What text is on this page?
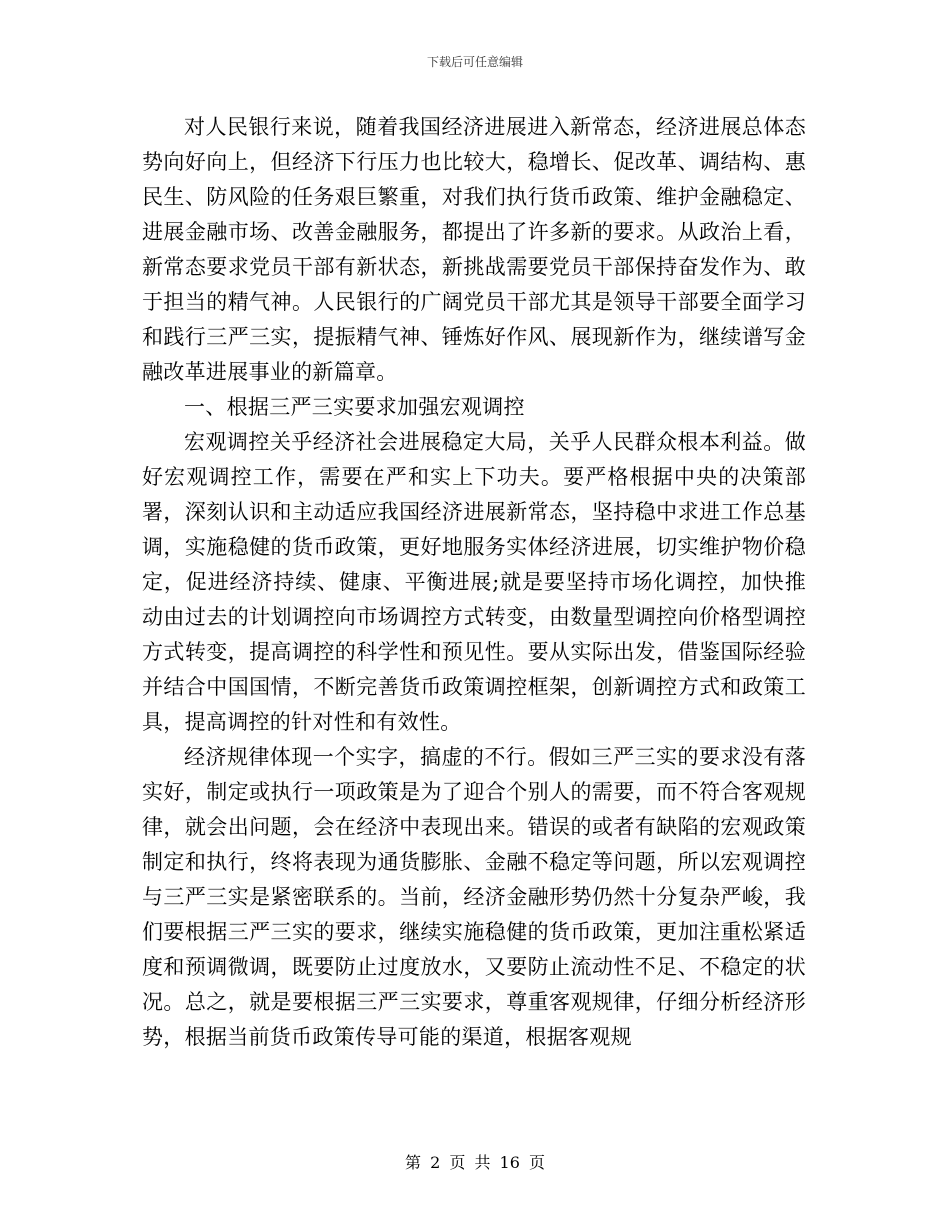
下载后可任意编辑

对人民银行来说，随着我国经济进展进入新常态，经济进展总体态势向好向上，但经济下行压力也比较大，稳增长、促改革、调结构、惠民生、防风险的任务艰巨繁重，对我们执行货币政策、维护金融稳定、进展金融市场、改善金融服务，都提出了许多新的要求。从政治上看，新常态要求党员干部有新状态，新挑战需要党员干部保持奋发作为、敢于担当的精气神。人民银行的广阔党员干部尤其是领导干部要全面学习和践行三严三实，提振精气神、锤炼好作风、展现新作为，继续谱写金融改革进展事业的新篇章。

一、根据三严三实要求加强宏观调控

宏观调控关乎经济社会进展稳定大局，关乎人民群众根本利益。做好宏观调控工作，需要在严和实上下功夫。要严格根据中央的决策部署，深刻认识和主动适应我国经济进展新常态，坚持稳中求进工作总基调，实施稳健的货币政策，更好地服务实体经济进展，切实维护物价稳定，促进经济持续、健康、平衡进展;就是要坚持市场化调控，加快推动由过去的计划调控向市场调控方式转变，由数量型调控向价格型调控方式转变，提高调控的科学性和预见性。要从实际出发，借鉴国际经验并结合中国国情，不断完善货币政策调控框架，创新调控方式和政策工具，提高调控的针对性和有效性。

经济规律体现一个实字，搞虚的不行。假如三严三实的要求没有落实好，制定或执行一项政策是为了迎合个别人的需要，而不符合客观规律，就会出问题，会在经济中表现出来。错误的或者有缺陷的宏观政策制定和执行，终将表现为通货膨胀、金融不稳定等问题，所以宏观调控与三严三实是紧密联系的。当前，经济金融形势仍然十分复杂严峻，我们要根据三严三实的要求，继续实施稳健的货币政策，更加注重松紧适度和预调微调，既要防止过度放水，又要防止流动性不足、不稳定的状况。总之，就是要根据三严三实要求，尊重客观规律，仔细分析经济形势，根据当前货币政策传导可能的渠道，根据客观规

第 2 页 共 16 页
